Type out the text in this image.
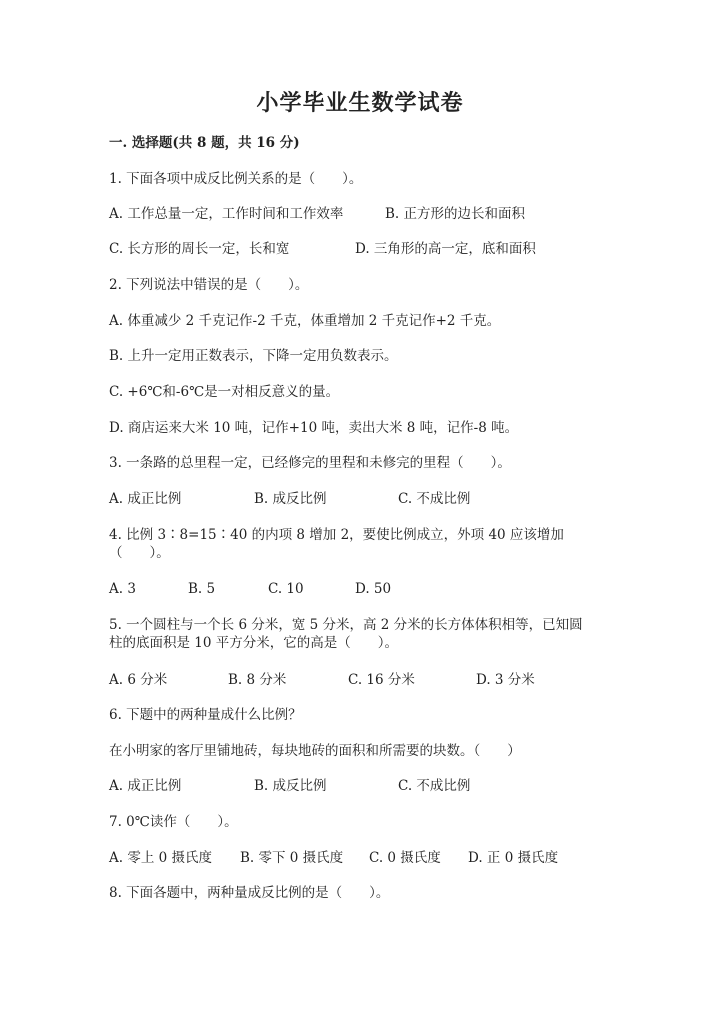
小学毕业生数学试卷
一. 选择题(共 8 题，共 16 分)
1. 下面各项中成反比例关系的是（　　）。
A. 工作总量一定，工作时间和工作效率	B. 正方形的边长和面积
C. 长方形的周长一定，长和宽	D. 三角形的高一定，底和面积
2. 下列说法中错误的是（　　）。
A. 体重减少 2 千克记作-2 千克，体重增加 2 千克记作+2 千克。
B. 上升一定用正数表示，下降一定用负数表示。
C. +6℃和-6℃是一对相反意义的量。
D. 商店运来大米 10 吨，记作+10 吨，卖出大米 8 吨，记作-8 吨。
3. 一条路的总里程一定，已经修完的里程和未修完的里程（　　）。
A. 成正比例	B. 成反比例	C. 不成比例
4. 比例 3∶8=15∶40 的内项 8 增加 2，要使比例成立，外项 40 应该增加
（　　）。
A. 3	B. 5	C. 10	D. 50
5. 一个圆柱与一个长 6 分米，宽 5 分米，高 2 分米的长方体体积相等，已知圆
柱的底面积是 10 平方分米，它的高是（　　）。
A. 6 分米	B. 8 分米	C. 16 分米	D. 3 分米
6. 下题中的两种量成什么比例？
在小明家的客厅里铺地砖，每块地砖的面积和所需要的块数。（　　）
A. 成正比例	B. 成反比例	C. 不成比例
7. 0℃读作（　　）。
A. 零上 0 摄氏度 B. 零下 0 摄氏度 C. 0 摄氏度 D. 正 0 摄氏度
8. 下面各题中，两种量成反比例的是（　　）。
